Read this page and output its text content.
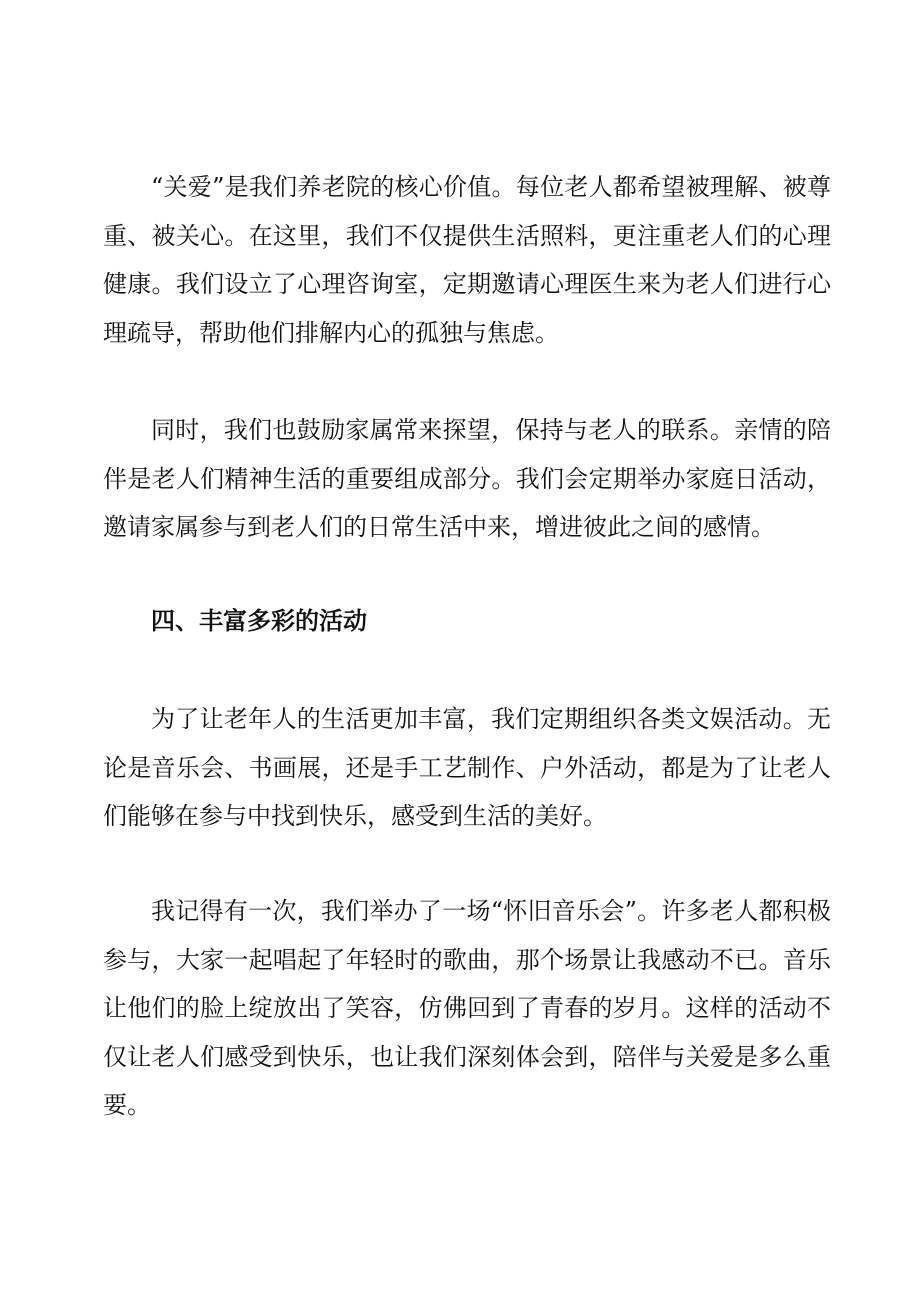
“关爱”是我们养老院的核心价值。每位老人都希望被理解、被尊重、被关心。在这里，我们不仅提供生活照料，更注重老人们的心理健康。我们设立了心理咨询室，定期邀请心理医生来为老人们进行心理疏导，帮助他们排解内心的孤独与焦虑。

同时，我们也鼓励家属常来探望，保持与老人的联系。亲情的陪伴是老人们精神生活的重要组成部分。我们会定期举办家庭日活动，邀请家属参与到老人们的日常生活中来，增进彼此之间的感情。

四、丰富多彩的活动

为了让老年人的生活更加丰富，我们定期组织各类文娱活动。无论是音乐会、书画展，还是手工艺制作、户外活动，都是为了让老人们能够在参与中找到快乐，感受到生活的美好。

我记得有一次，我们举办了一场“怀旧音乐会”。许多老人都积极参与，大家一起唱起了年轻时的歌曲，那个场景让我感动不已。音乐让他们的脸上绽放出了笑容，仿佛回到了青春的岁月。这样的活动不仅让老人们感受到快乐，也让我们深刻体会到，陪伴与关爱是多么重要。
